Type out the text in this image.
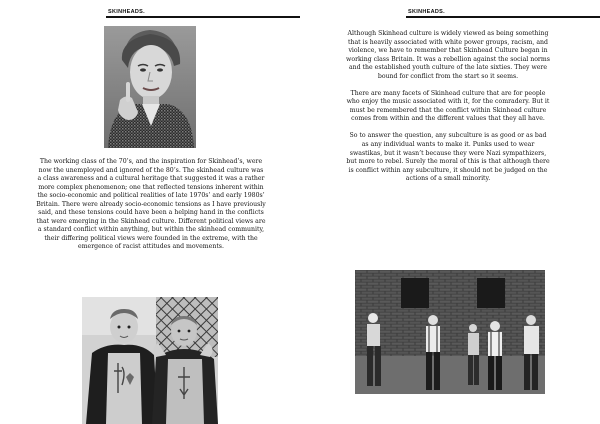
SKINHEADS.

The working class of the 70’s, and the inspiration for Skinhead’s, were now the unemployed and ignored of the 80’s. The skinhead culture was a class awareness and a cultural heritage that suggested it was a rather more complex phenomenon; one that reflected tensions inherent within the socio-economic and political realities of late 1970s’ and early 1980s’ Britain. There were already socio-economic tensions as I have previously said, and these tensions could have been a helping hand in the conflicts that were emerging in the Skinhead culture. Different political views are a standard conflict within anything, but within the skinhead community, their differing political views were founded in the extreme, with the emergence of racist attitudes and movements.

SKINHEADS.

Although Skinhead culture is widely viewed as being something that is heavily associated with white power groups, racism, and violence, we have to remember that Skinhead Culture began in working class Britain. It was a rebellion against the social norms and the established youth culture of the late sixties. They were bound for conflict from the start so it seems.

There are many facets of Skinhead culture that are for people who enjoy the music associated with it, for the comradery. But it must be remembered that the conflict within Skinhead culture comes from within and the different values that they all have.

So to answer the question, any subculture is as good or as bad as any individual wants to make it. Punks used to wear swastikas, but it wasn’t because they were Nazi sympathizers, but more to rebel. Surely the moral of this is that although there is conflict within any subculture, it should not be judged on the actions of a small minority.
